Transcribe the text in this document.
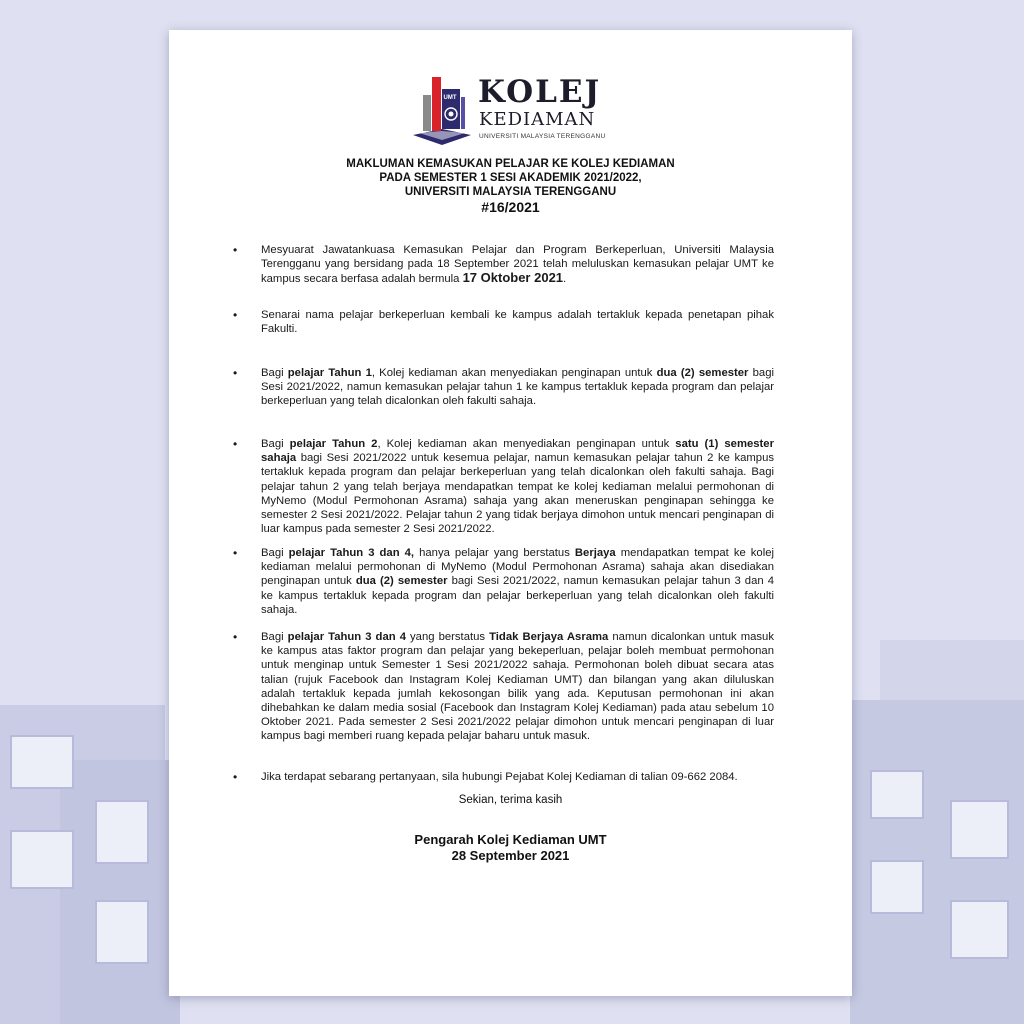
UMT KOLEJ
KEDIAMAN
UNIVERSITI MALAYSIA TERENGGANU
MAKLUMAN KEMASUKAN PELAJAR KE KOLEJ KEDIAMAN
PADA SEMESTER 1 SESI AKADEMIK 2021/2022,
UNIVERSITI MALAYSIA TERENGGANU
#16/2021
• Mesyuarat Jawatankuasa Kemasukan Pelajar dan Program Berkeperluan, Universiti Malaysia Terengganu yang bersidang pada 18 September 2021 telah meluluskan kemasukan pelajar UMT ke kampus secara berfasa adalah bermula 17 Oktober 2021.
• Senarai nama pelajar berkeperluan kembali ke kampus adalah tertakluk kepada penetapan pihak Fakulti.
• Bagi pelajar Tahun 1, Kolej kediaman akan menyediakan penginapan untuk dua (2) semester bagi Sesi 2021/2022, namun kemasukan pelajar tahun 1 ke kampus tertakluk kepada program dan pelajar berkeperluan yang telah dicalonkan oleh fakulti sahaja.
• Bagi pelajar Tahun 2, Kolej kediaman akan menyediakan penginapan untuk satu (1) semester sahaja bagi Sesi 2021/2022 untuk kesemua pelajar, namun kemasukan pelajar tahun 2 ke kampus tertakluk kepada program dan pelajar berkeperluan yang telah dicalonkan oleh fakulti sahaja. Bagi pelajar tahun 2 yang telah berjaya mendapatkan tempat ke kolej kediaman melalui permohonan di MyNemo (Modul Permohonan Asrama) sahaja yang akan meneruskan penginapan sehingga ke semester 2 Sesi 2021/2022. Pelajar tahun 2 yang tidak berjaya dimohon untuk mencari penginapan di luar kampus pada semester 2 Sesi 2021/2022.
• Bagi pelajar Tahun 3 dan 4, hanya pelajar yang berstatus Berjaya mendapatkan tempat ke kolej kediaman melalui permohonan di MyNemo (Modul Permohonan Asrama) sahaja akan disediakan penginapan untuk dua (2) semester bagi Sesi 2021/2022, namun kemasukan pelajar tahun 3 dan 4 ke kampus tertakluk kepada program dan pelajar berkeperluan yang telah dicalonkan oleh fakulti sahaja.
• Bagi pelajar Tahun 3 dan 4 yang berstatus Tidak Berjaya Asrama namun dicalonkan untuk masuk ke kampus atas faktor program dan pelajar yang bekeperluan, pelajar boleh membuat permohonan untuk menginap untuk Semester 1 Sesi 2021/2022 sahaja. Permohonan boleh dibuat secara atas talian (rujuk Facebook dan Instagram Kolej Kediaman UMT) dan bilangan yang akan diluluskan adalah tertakluk kepada jumlah kekosongan bilik yang ada. Keputusan permohonan ini akan dihebahkan ke dalam media sosial (Facebook dan Instagram Kolej Kediaman) pada atau sebelum 10 Oktober 2021. Pada semester 2 Sesi 2021/2022 pelajar dimohon untuk mencari penginapan di luar kampus bagi memberi ruang kepada pelajar baharu untuk masuk.
• Jika terdapat sebarang pertanyaan, sila hubungi Pejabat Kolej Kediaman di talian 09-662 2084.
Sekian, terima kasih
Pengarah Kolej Kediaman UMT
28 September 2021
